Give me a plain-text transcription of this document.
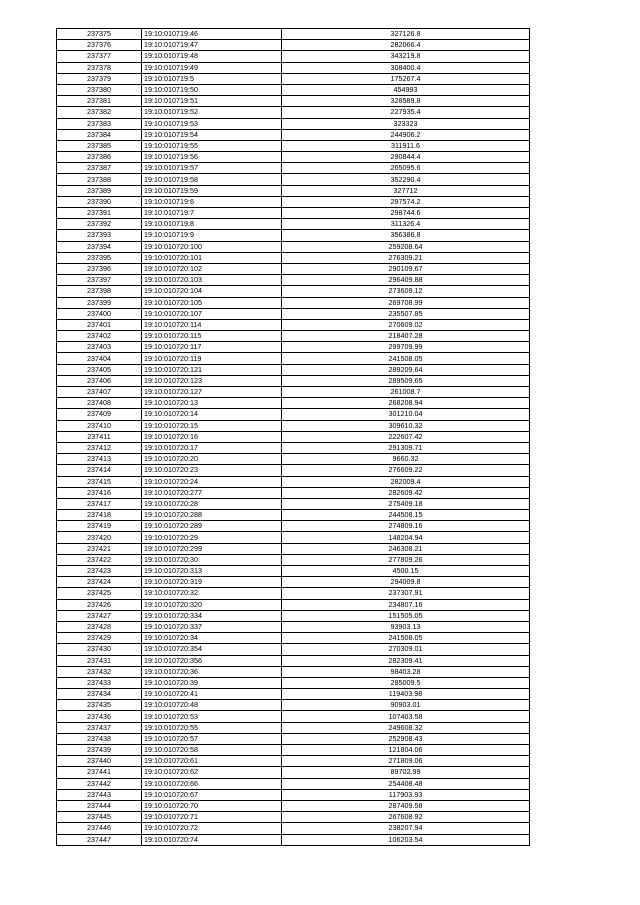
237375	19:10:010719:46	327126.8
237376	19:10:010719:47	282066.4
237377	19:10:010719:48	343219.8
237378	19:10:010719:49	308400.4
237379	19:10:010719:5	175267.4
237380	19:10:010719:50	454993
237381	19:10:010719:51	328589.8
237382	19:10:010719:52	227935.4
237383	19:10:010719:53	323323
237384	19:10:010719:54	244906.2
237385	19:10:010719:55	311911.6
237386	19:10:010719:56	290844.4
237387	19:10:010719:57	265095.6
237388	19:10:010719:58	352290.4
237389	19:10:010719:59	327712
237390	19:10:010719:6	297574.2
237391	19:10:010719:7	298744.6
237392	19:10:010719:8	311326.4
237393	19:10:010719:9	356386.8
237394	19:10:010720:100	259208.64
237395	19:10:010720:101	276309.21
237396	19:10:010720:102	290109.67
237397	19:10:010720:103	296409.88
237398	19:10:010720:104	273609.12
237399	19:10:010720:105	269708.99
237400	19:10:010720:107	235507.85
237401	19:10:010720:114	270609.02
237402	19:10:010720:115	218407.28
237403	19:10:010720:117	299709.99
237404	19:10:010720:119	241508.05
237405	19:10:010720:121	289209.64
237406	19:10:010720:123	289509.65
237407	19:10:010720:127	261008.7
237408	19:10:010720:13	268208.94
237409	19:10:010720:14	301210.04
237410	19:10:010720:15	309610.32
237411	19:10:010720:16	222607.42
237412	19:10:010720:17	291309.71
237413	19:10:010720:20	9660.32
237414	19:10:010720:23	276609.22
237415	19:10:010720:24	282009.4
237416	19:10:010720:277	282609.42
237417	19:10:010720:28	275409.18
237418	19:10:010720:288	244508.15
237419	19:10:010720:289	274809.16
237420	19:10:010720:29	148204.94
237421	19:10:010720:299	246308.21
237422	19:10:010720:30	277809.26
237423	19:10:010720:313	4500.15
237424	19:10:010720:319	294009.8
237425	19:10:010720:32	237307.91
237426	19:10:010720:320	234807.16
237427	19:10:010720:334	151505.05
237428	19:10:010720:337	93903.13
237429	19:10:010720:34	241508.05
237430	19:10:010720:354	270309.01
237431	19:10:010720:356	282309.41
237432	19:10:010720:36	98403.28
237433	19:10:010720:39	285009.5
237434	19:10:010720:41	119403.98
237435	19:10:010720:48	90903.01
237436	19:10:010720:53	107403.58
237437	19:10:010720:55	249608.32
237438	19:10:010720:57	252908.43
237439	19:10:010720:58	121804.06
237440	19:10:010720:61	271809.06
237441	19:10:010720:62	89702.99
237442	19:10:010720:66	254408.48
237443	19:10:010720:67	117903.93
237444	19:10:010720:70	287409.58
237445	19:10:010720:71	267608.92
237446	19:10:010720:72	238207.94
237447	19:10:010720:74	106203.54
